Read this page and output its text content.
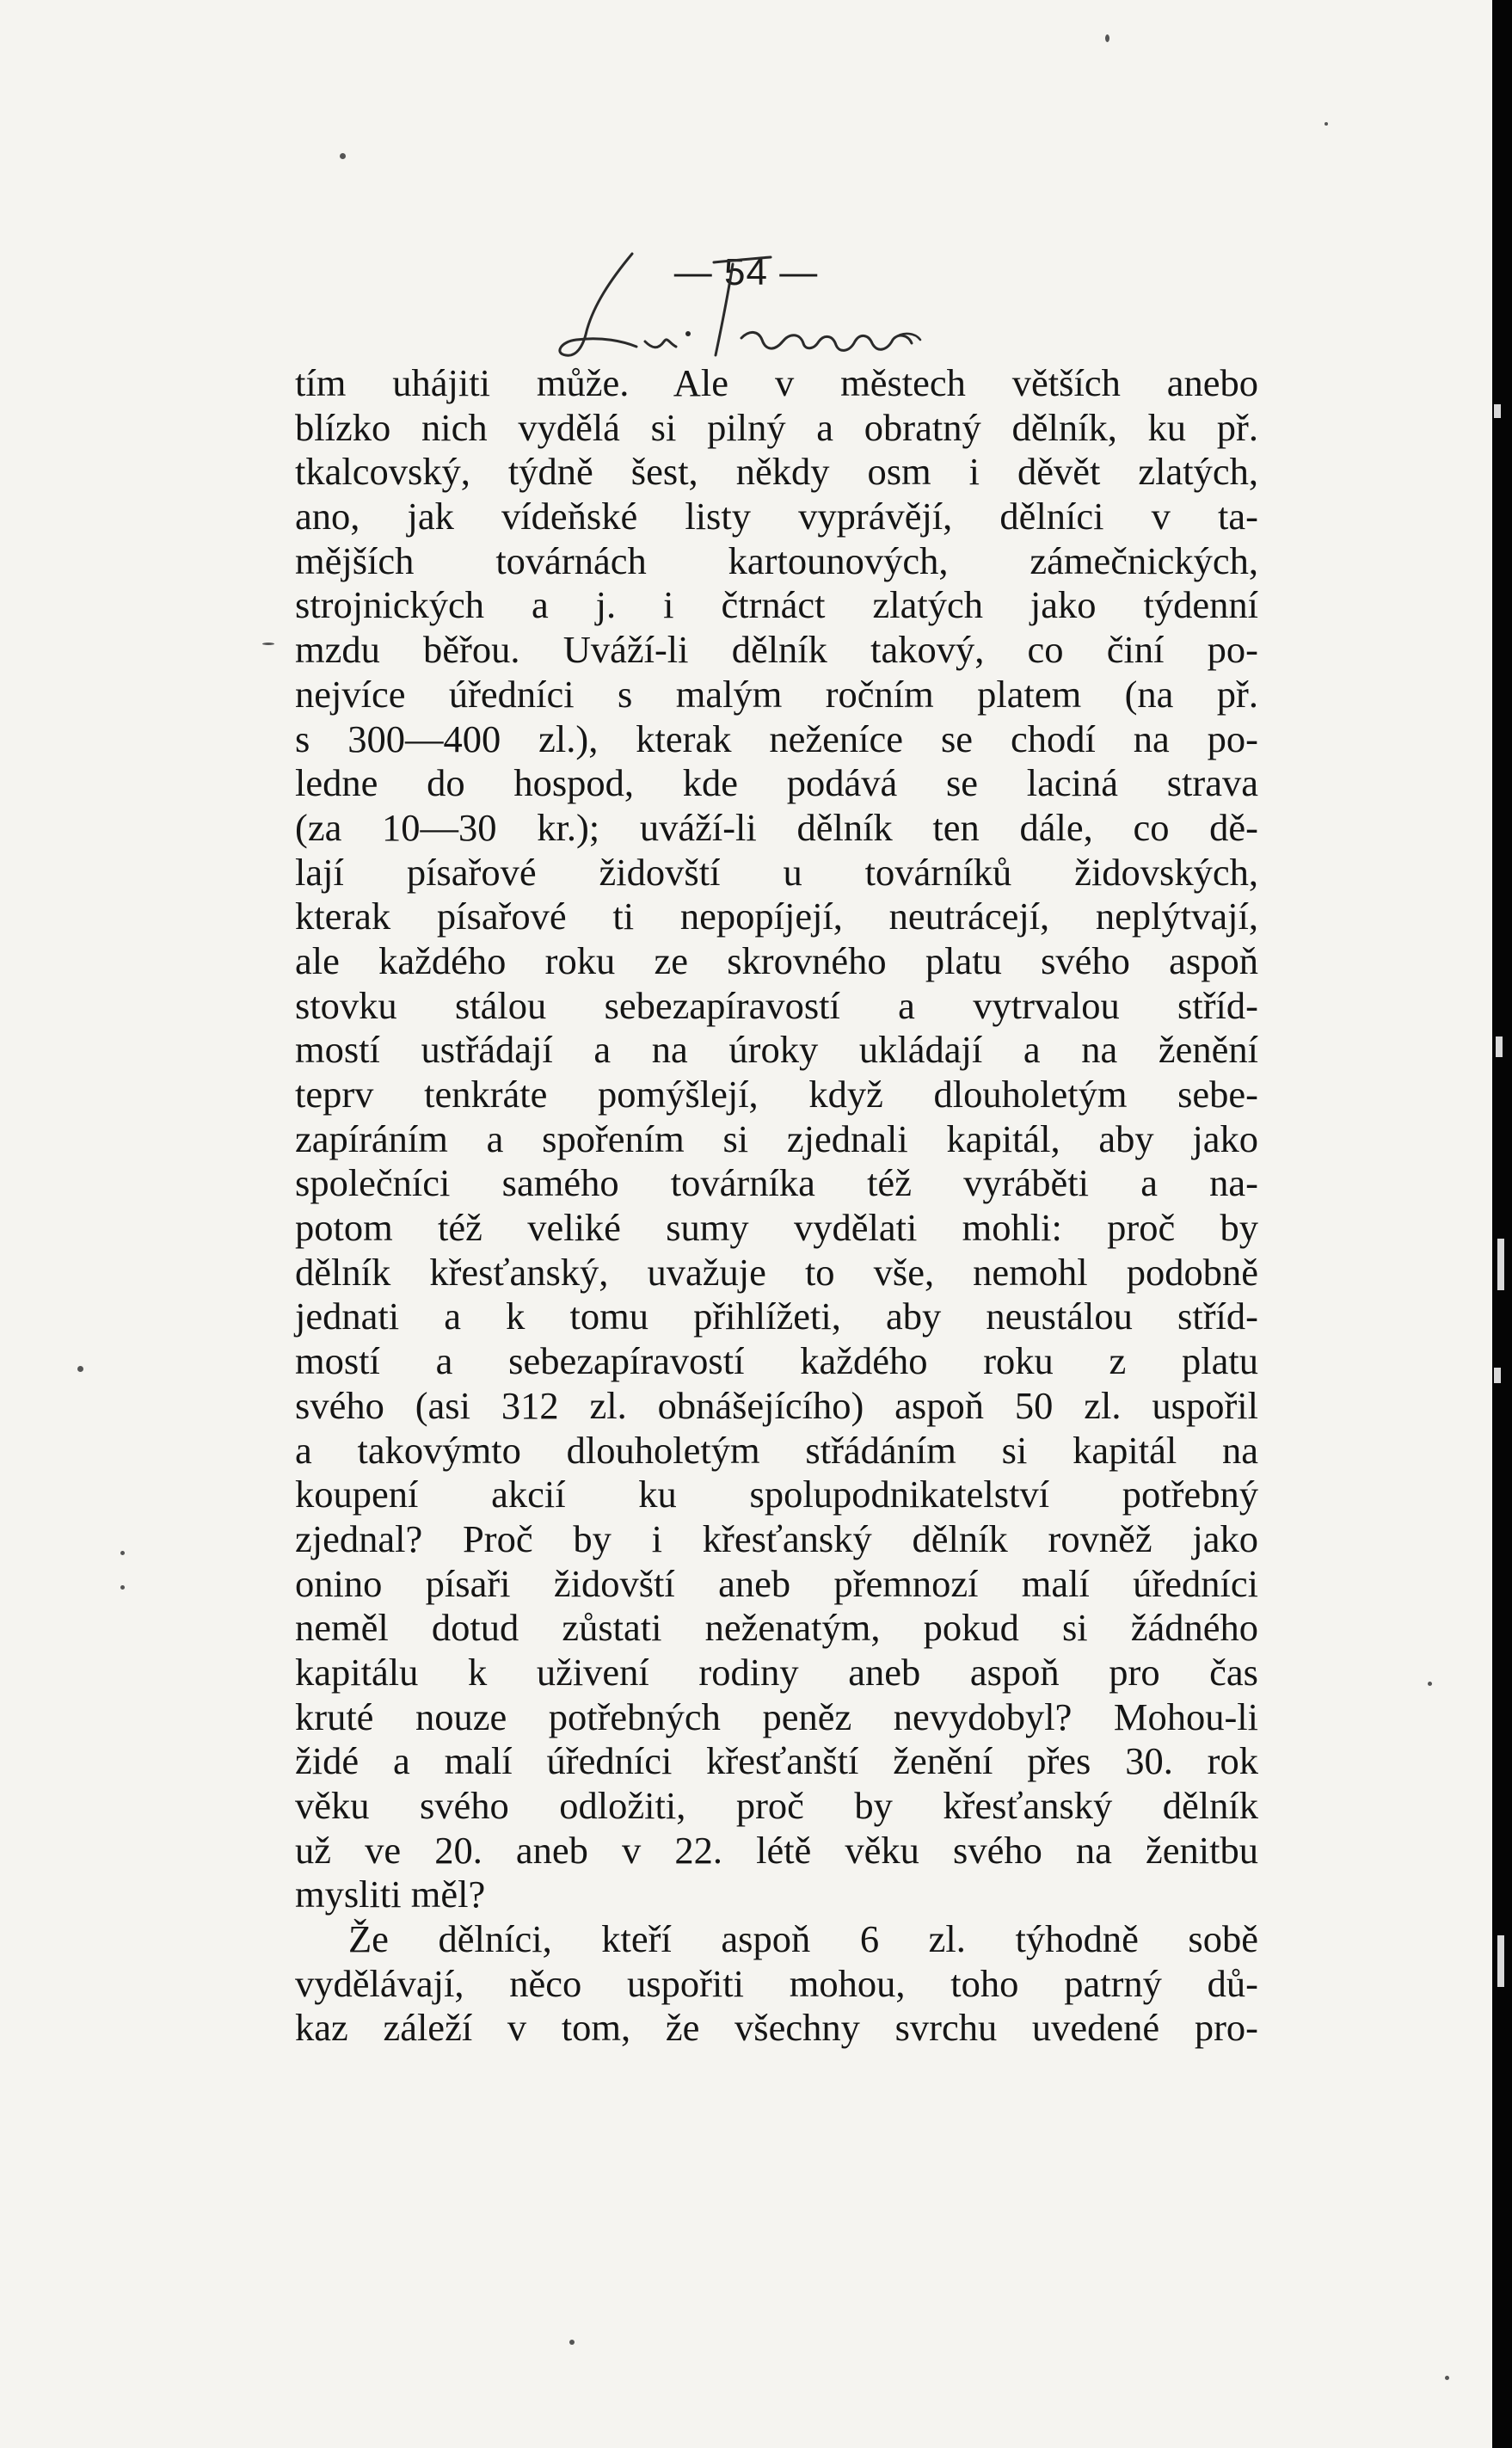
— 54 —
tím uhájiti může. Ale v městech větších anebo
blízko nich vydělá si pilný a obratný dělník, ku př.
tkalcovský, týdně šest, někdy osm i děvět zlatých,
ano, jak vídeňské listy vyprávějí, dělníci v ta-
mějších továrnách kartounových, zámečnických,
strojnických a j. i čtrnáct zlatých jako týdenní
mzdu běřou. Uváží-li dělník takový, co činí po-
nejvíce úředníci s malým ročním platem (na př.
s 300—400 zl.), kterak neženíce se chodí na po-
ledne do hospod, kde podává se laciná strava
(za 10—30 kr.); uváží-li dělník ten dále, co dě-
lají písařové židovští u továrníků židovských,
kterak písařové ti nepopíjejí, neutrácejí, neplýtvají,
ale každého roku ze skrovného platu svého aspoň
stovku stálou sebezapíravostí a vytrvalou stříd-
mostí ustřádají a na úroky ukládají a na ženění
teprv tenkráte pomýšlejí, když dlouholetým sebe-
zapíráním a spořením si zjednali kapitál, aby jako
společníci samého továrníka též vyráběti a na-
potom též veliké sumy vydělati mohli: proč by
dělník křesťanský, uvažuje to vše, nemohl podobně
jednati a k tomu přihlížeti, aby neustálou stříd-
mostí a sebezapíravostí každého roku z platu
svého (asi 312 zl. obnášejícího) aspoň 50 zl. uspořil
a takovýmto dlouholetým střádáním si kapitál na
koupení akcií ku spolupodnikatelství potřebný
zjednal? Proč by i křesťanský dělník rovněž jako
onino písaři židovští aneb přemnozí malí úředníci
neměl dotud zůstati neženatým, pokud si žádného
kapitálu k uživení rodiny aneb aspoň pro čas
kruté nouze potřebných peněz nevydobyl? Mohou-li
židé a malí úředníci křesťanští ženění přes 30. rok
věku svého odložiti, proč by křesťanský dělník
už ve 20. aneb v 22. létě věku svého na ženitbu
mysliti měl?
Že dělníci, kteří aspoň 6 zl. týhodně sobě
vydělávají, něco uspořiti mohou, toho patrný dů-
kaz záleží v tom, že všechny svrchu uvedené pro-
